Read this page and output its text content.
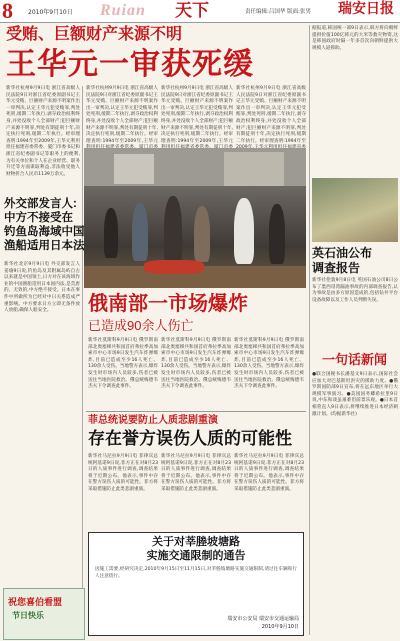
8	2010年9月10日 Ruian 天下	责任编辑:吕国华 版面:张男 瑞安日报
受贿、巨额财产来源不明
王华元一审获死缓
新华社杭州9月9日电 浙江省高级人民法院9日对浙江省纪委原副书记王华元受贿、巨额财产来源不明案作出一审判决,认定王华元犯受贿罪,判处死刑,缓期二年执行,剥夺政治权利终身,并处没收个人全部财产;犯巨额财产来源不明罪,判处有期徒刑十年,决定执行死刑,缓期二年执行。经审理查明:1994年至2009年,王华元利用担任福建省委常委、厦门市委书记和浙江省纪委副书记等职务上的便利,为有关单位和个人在企业经营、职务升迁等方面谋取利益,非法收受他人财物折合人民币1139万余元。
新华社杭州9月9日电 浙江省高级人民法院9日对浙江省纪委原副书记王华元受贿、巨额财产来源不明案作出一审判决,认定王华元犯受贿罪,判处死刑,缓期二年执行,剥夺政治权利终身,并处没收个人全部财产;犯巨额财产来源不明罪,判处有期徒刑十年,决定执行死刑,缓期二年执行。经审理查明:1994年至2009年,王华元
新华社杭州9月9日电 浙江省高级人民法院9日对浙江省纪委原副书记王华元受贿、巨额财产来源不明案作出一审判决,认定王华元犯受贿罪,判处死刑,缓期二年执行,剥夺政治权利终身,并处没收个人全部财产;犯巨额财产来源不明罪,判处有期徒刑十年,决定执行死刑,缓期二年执行。经审理查明:1994年至2009年,王华元
新华社杭州9月9日电 浙江省高级人民法院9日对浙江省纪委原副书记王华元受贿、巨额财产来源不明案作出一审判决,认定王华元犯受贿罪,判处死刑,缓期二年执行,剥夺政治权利终身,并处没收个人全部财产;犯巨额财产来源不明罪,判处有期徒刑十年,决定执行死刑,缓期二年执行。经审理查明:1994年至
外交部发言人:
中方不接受在
钓鱼岛海域中国
渔船适用日本法
新华社北京9月9日电 外交部发言人姜瑜9日说,钓鱼岛及其附属岛屿自古以来就是中国领土,日方对在该海域作业的中国渔船适用日本国内法,是荒唐的、无效的,中方绝不接受。日本在事件中所做所为已经对中日关系造成严重影响。中方要求日方立即无条件放人放船,确保人船安全。	俄南部一市场爆炸
已造成90余人伤亡
新华社莫斯科9月9日电 俄罗斯南部北奥塞梯共和国首府弗拉季高加索市中心市场9日发生汽车炸弹爆炸,目前已造成至少16人死亡、130余人受伤。当地警方表示,爆炸发生时市场内人员较多,伤者已被送往当地医院救治。俄总统梅德韦杰夫下令调查此事件。
新华社莫斯科9月9日电 俄罗斯南部北奥塞梯共和国首府弗拉季高加索市中心市场9日发生汽车炸弹爆炸,目前已造成至少16人死亡、130余人受伤。当地警方表示,爆炸发生时市场内人员较多,伤者已被送往当地医院救治。俄总统梅德韦杰夫下令调查此事件。
新华社莫斯科9月9日电 俄罗斯南部北奥塞梯共和国首府弗拉季高加索市中心市场9日发生汽车炸弹爆炸,目前已造成至少16人死亡、130余人受伤。当地警方表示,爆炸发生时市场内人员较多,伤者已被送往当地医院救治。俄总统梅德韦杰夫下令调查此事件。
菲总统说要防止人质悲剧重演
存在誉方误伤人质的可能性
新华社马尼拉9月9日电 菲律宾总统阿基诺9日说,菲方正在对8月23日的人质事件进行调查,调查结果将于近期公布。他表示,事件中存在警方误伤人质的可能性。菲方将采取措施防止此类悲剧重演。
新华社马尼拉9月9日电 菲律宾总统阿基诺9日说,菲方正在对8月23日的人质事件进行调查,调查结果将于近期公布。他表示,事件中存在警方误伤人质的可能性。菲方将采取措施防止此类悲剧重演。
新华社马尼拉9月9日电 菲律宾总统阿基诺9日说,菲方正在对8月23日的人质事件进行调查,调查结果将于近期公布。他表示,事件中存在警方误伤人质的可能性。菲方将采取措施防止此类悲剧重演。
关于对莘塍坡塘路
实施交通限制的通告
因施工需要,经研究决定,2010年9月15日至11月15日,对莘塍坡塘路实施交通限制,请过往车辆和行人注意绕行。
瑞安市公安局 瑞安市交通运输局
2010年9月10日
祝您喜伯看盟
节日快乐
据报道,韩国统一部9日表示,韩方将向朝鲜提供价值100亿韩元的大米等救灾物资,这是韩国政府时隔一年多首次向朝鲜提供大规模人道援助。
英石油公布
调查报告
新华社伦敦9月8日电 英国石油公司8日公布了墨西哥湾漏油事故的内部调查报告,认为事故是由多方原因造成的,包括钻井平台设备故障以及工作人员判断失误。
一句话新闻
●联合国秘书长潘基文9日表示,国际社会应加大对巴基斯坦洪灾的援助力度。●俄罗斯国防部9日宣布,将在远东地区举行大规模军事演习。●美国国务卿希拉里9日说,中东和谈虽艰难但前景乐观。●日本首相菅直人9日表示,将继续推进日本经济刺激计划。(均据新华社)
